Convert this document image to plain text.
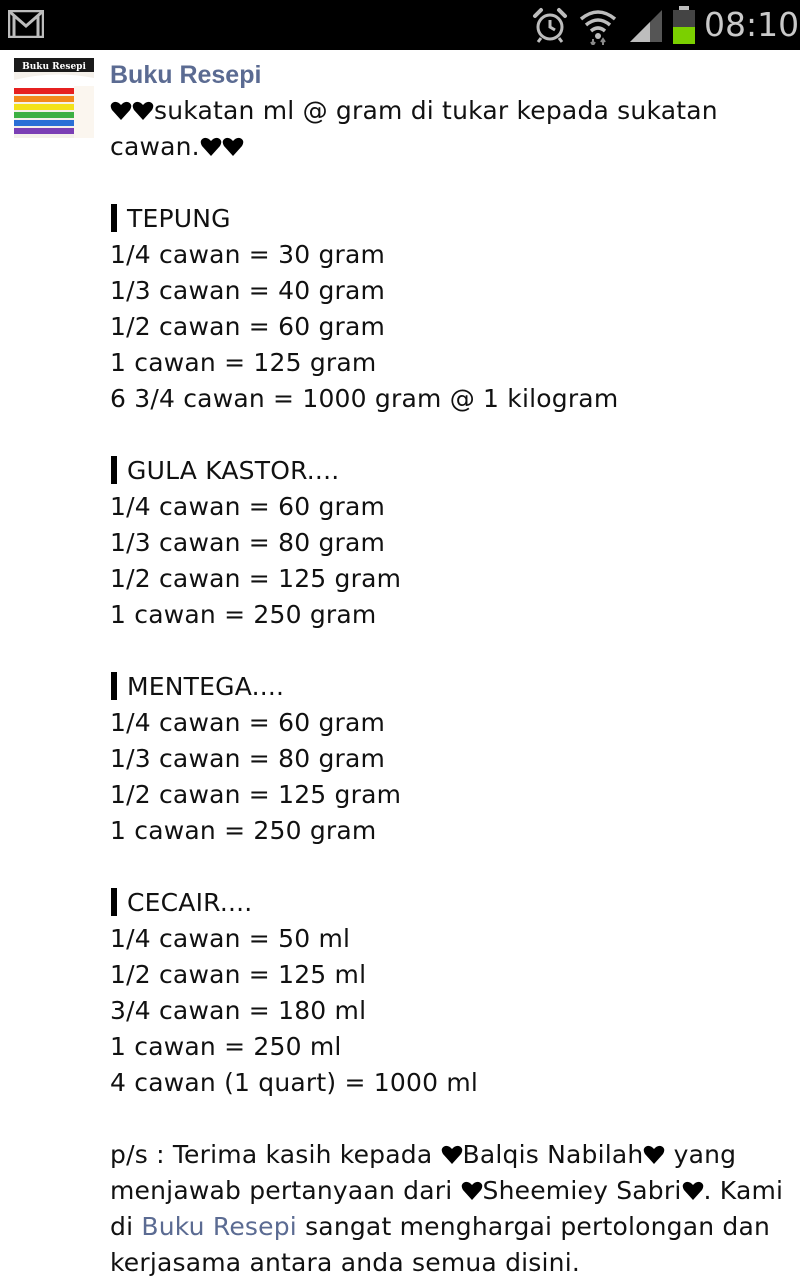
08:10
Buku Resepi Buku Resepi
sukatan ml @ gram di tukar kepada sukatan
cawan.
TEPUNG
1/4 cawan = 30 gram
1/3 cawan = 40 gram
1/2 cawan = 60 gram
1 cawan = 125 gram
6 3/4 cawan = 1000 gram @ 1 kilogram
GULA KASTOR....
1/4 cawan = 60 gram
1/3 cawan = 80 gram
1/2 cawan = 125 gram
1 cawan = 250 gram
MENTEGA....
1/4 cawan = 60 gram
1/3 cawan = 80 gram
1/2 cawan = 125 gram
1 cawan = 250 gram
CECAIR....
1/4 cawan = 50 ml
1/2 cawan = 125 ml
3/4 cawan = 180 ml
1 cawan = 250 ml
4 cawan (1 quart) = 1000 ml
p/s : Terima kasih kepada
Balqis Nabilah
yang
menjawab pertanyaan dari
Sheemiey Sabri . Kami
di Buku Resepi sangat menghargai pertolongan dan
kerjasama antara anda semua disini.
